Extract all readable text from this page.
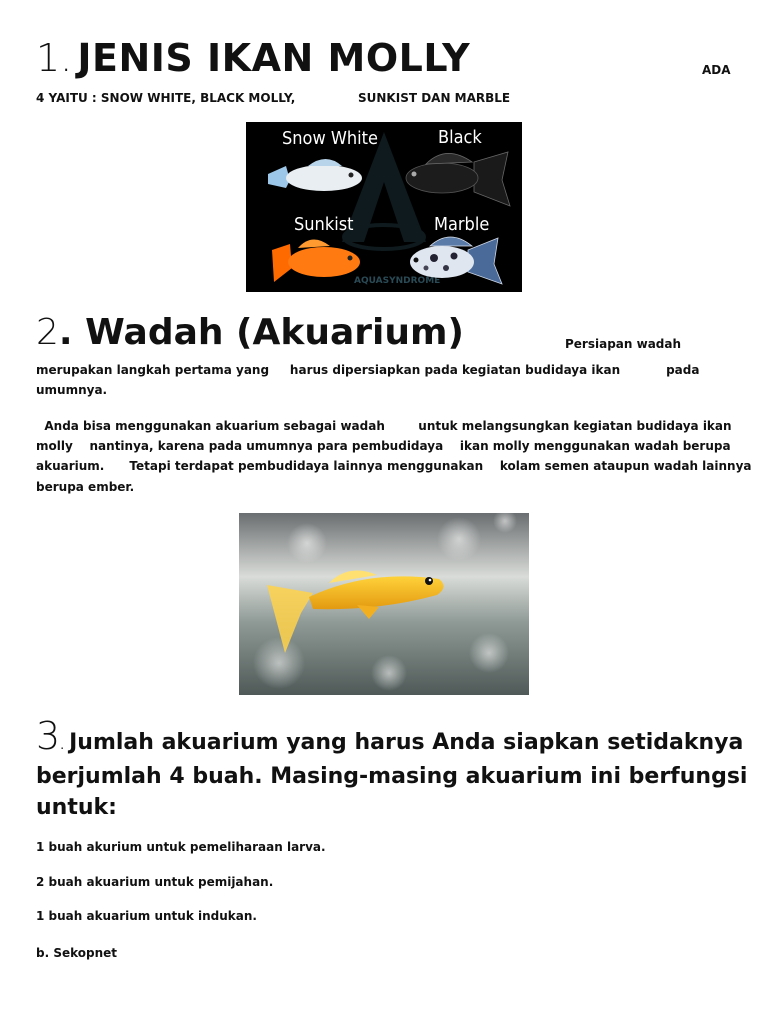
1. JENIS IKAN MOLLY	ADA
4 YAITU : SNOW WHITE, BLACK MOLLY,	SUNKIST DAN MARBLE
AQUASYNDROME
Snow White	Black
Sunkist	Marble
2. Wadah (Akuarium)	Persiapan wadah
merupakan langkah pertama yang     harus dipersiapkan pada kegiatan budidaya ikan           pada
umumnya.
Anda bisa menggunakan akuarium sebagai wadah        untuk melangsungkan kegiatan budidaya ikan
molly    nantinya, karena pada umumnya para pembudidaya    ikan molly menggunakan wadah berupa
akuarium.      Tetapi terdapat pembudidaya lainnya menggunakan    kolam semen ataupun wadah lainnya
berupa ember.
3. Jumlah akuarium yang harus Anda siapkan setidaknya
berjumlah 4 buah. Masing-masing akuarium ini berfungsi
untuk:
1 buah akurium untuk pemeliharaan larva.
2 buah akuarium untuk pemijahan.
1 buah akuarium untuk indukan.
b. Sekopnet
